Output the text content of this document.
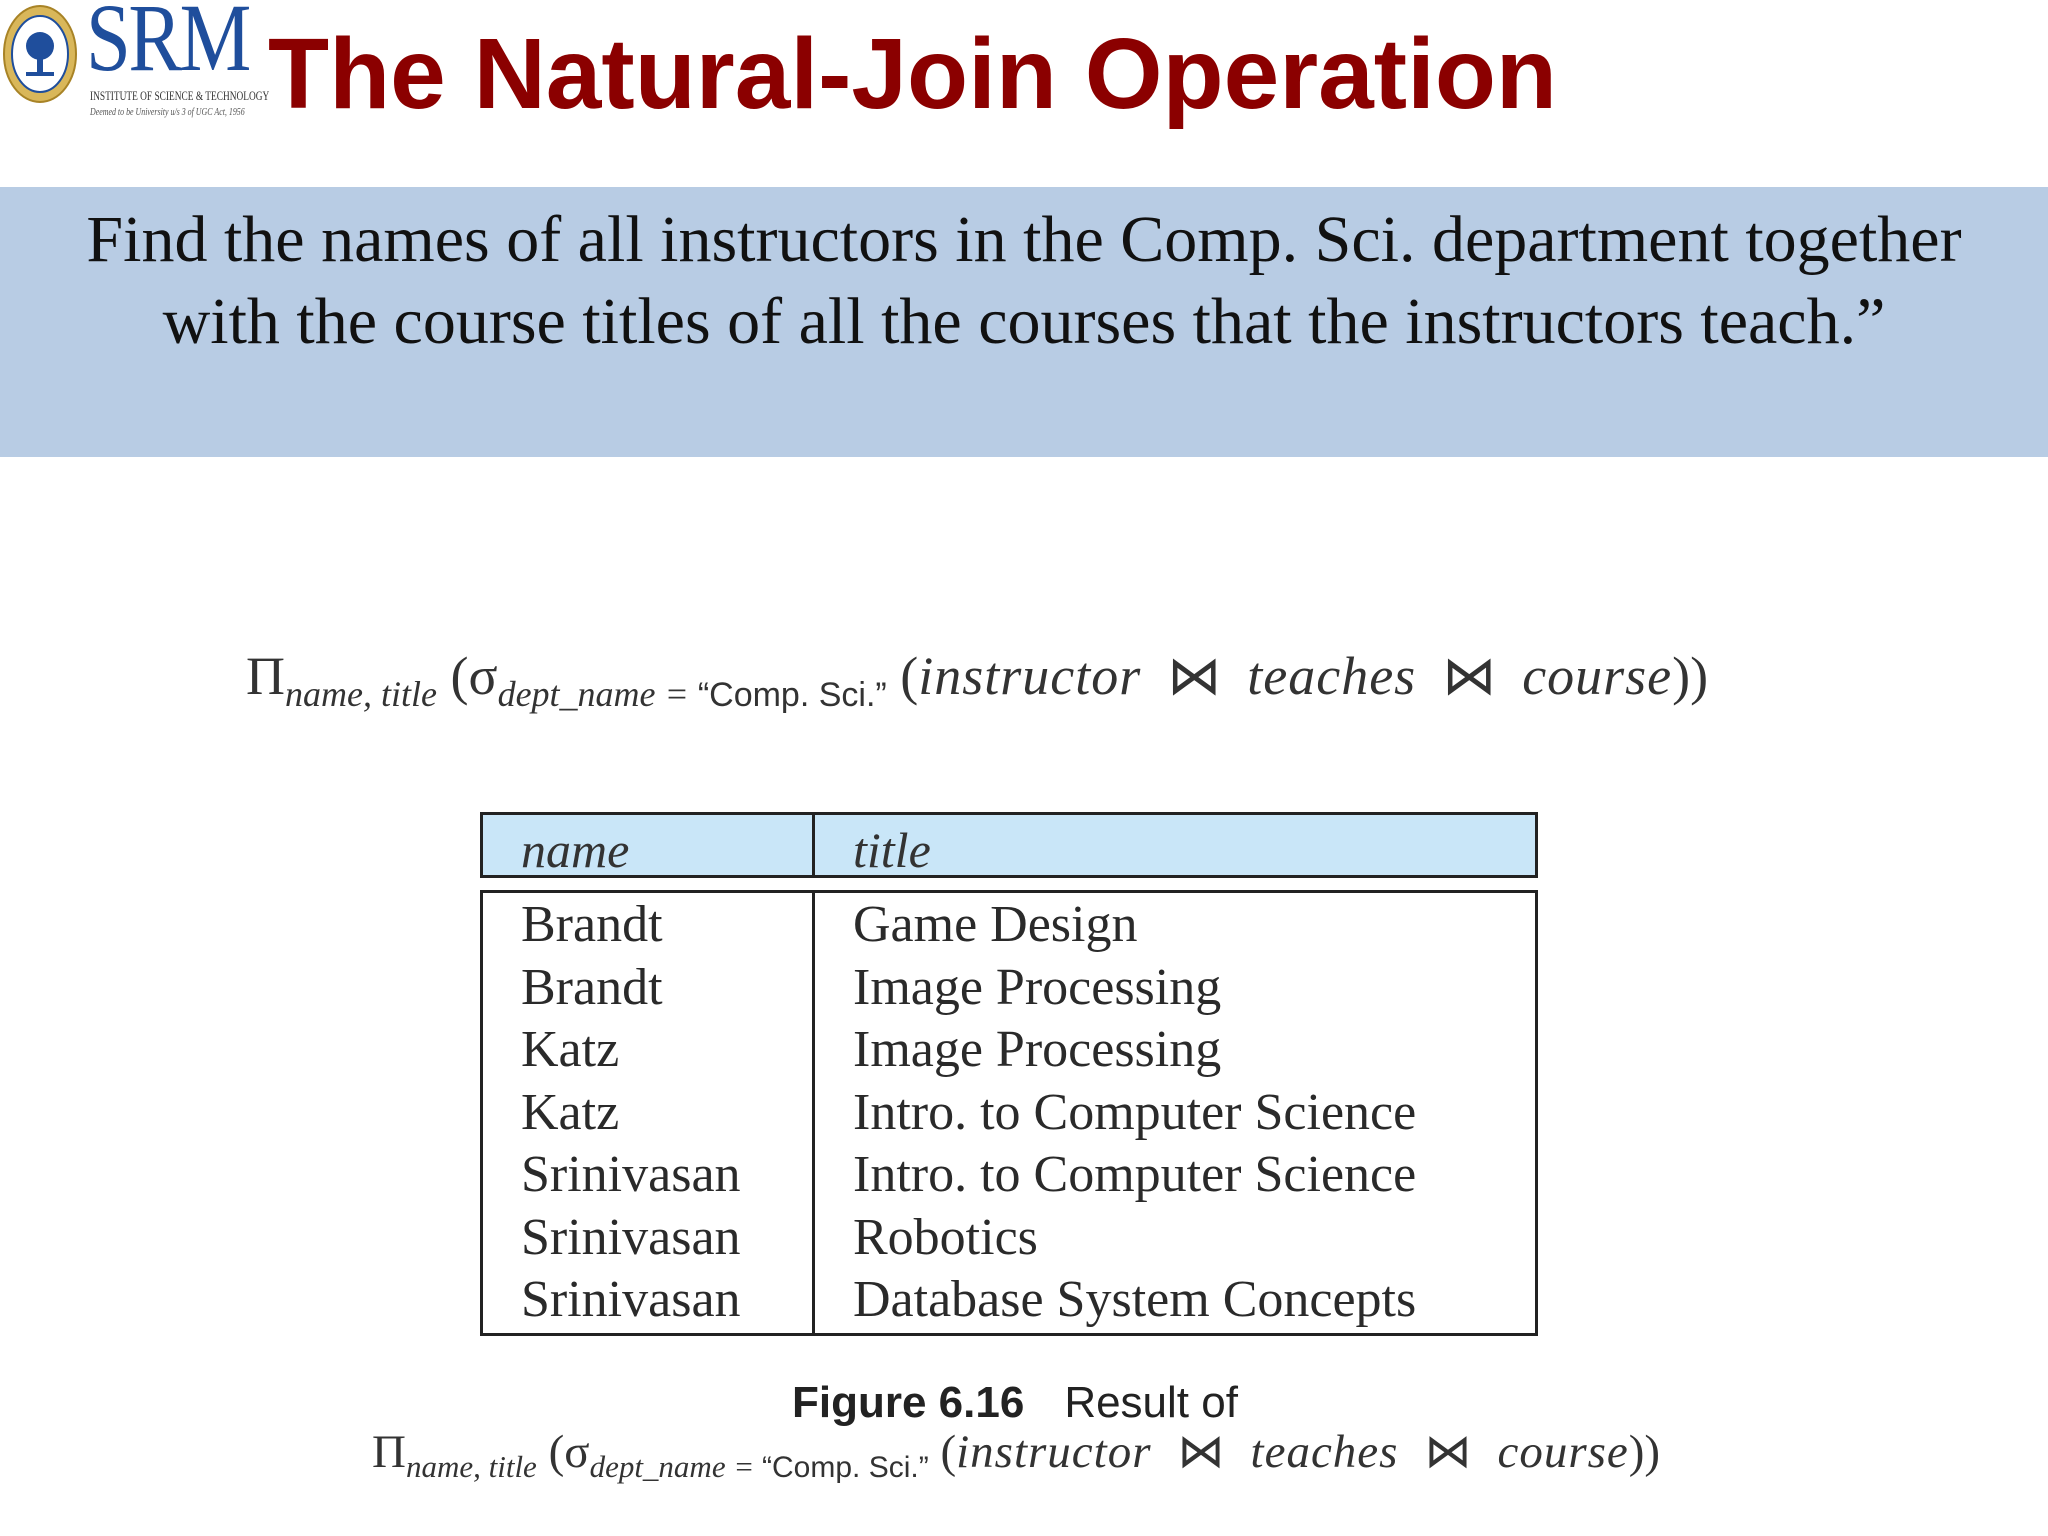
SRM
INSTITUTE OF SCIENCE & TECHNOLOGY
Deemed to be University u/s 3 of UGC Act, 1956 The Natural-Join Operation
Find the names of all instructors in the Comp. Sci. department together
with the course titles of all the courses that the instructors teach.”
$\Pi_{name, title}$ ($\sigma_{dept\_name = “Comp. Sci.”}$ (instructor ⋈ teaches ⋈ course))
name	title
Brandt	Game Design
Brandt	Image Processing
Katz	Image Processing
Katz	Intro. to Computer Science
Srinivasan Intro. to Computer Science
Srinivasan Robotics
Srinivasan Database System Concepts
Figure 6.16 Result of
$\Pi_{name, title}$ ($\sigma_{dept\_name = “Comp. Sci.”}$ (instructor ⋈ teaches ⋈ course))
